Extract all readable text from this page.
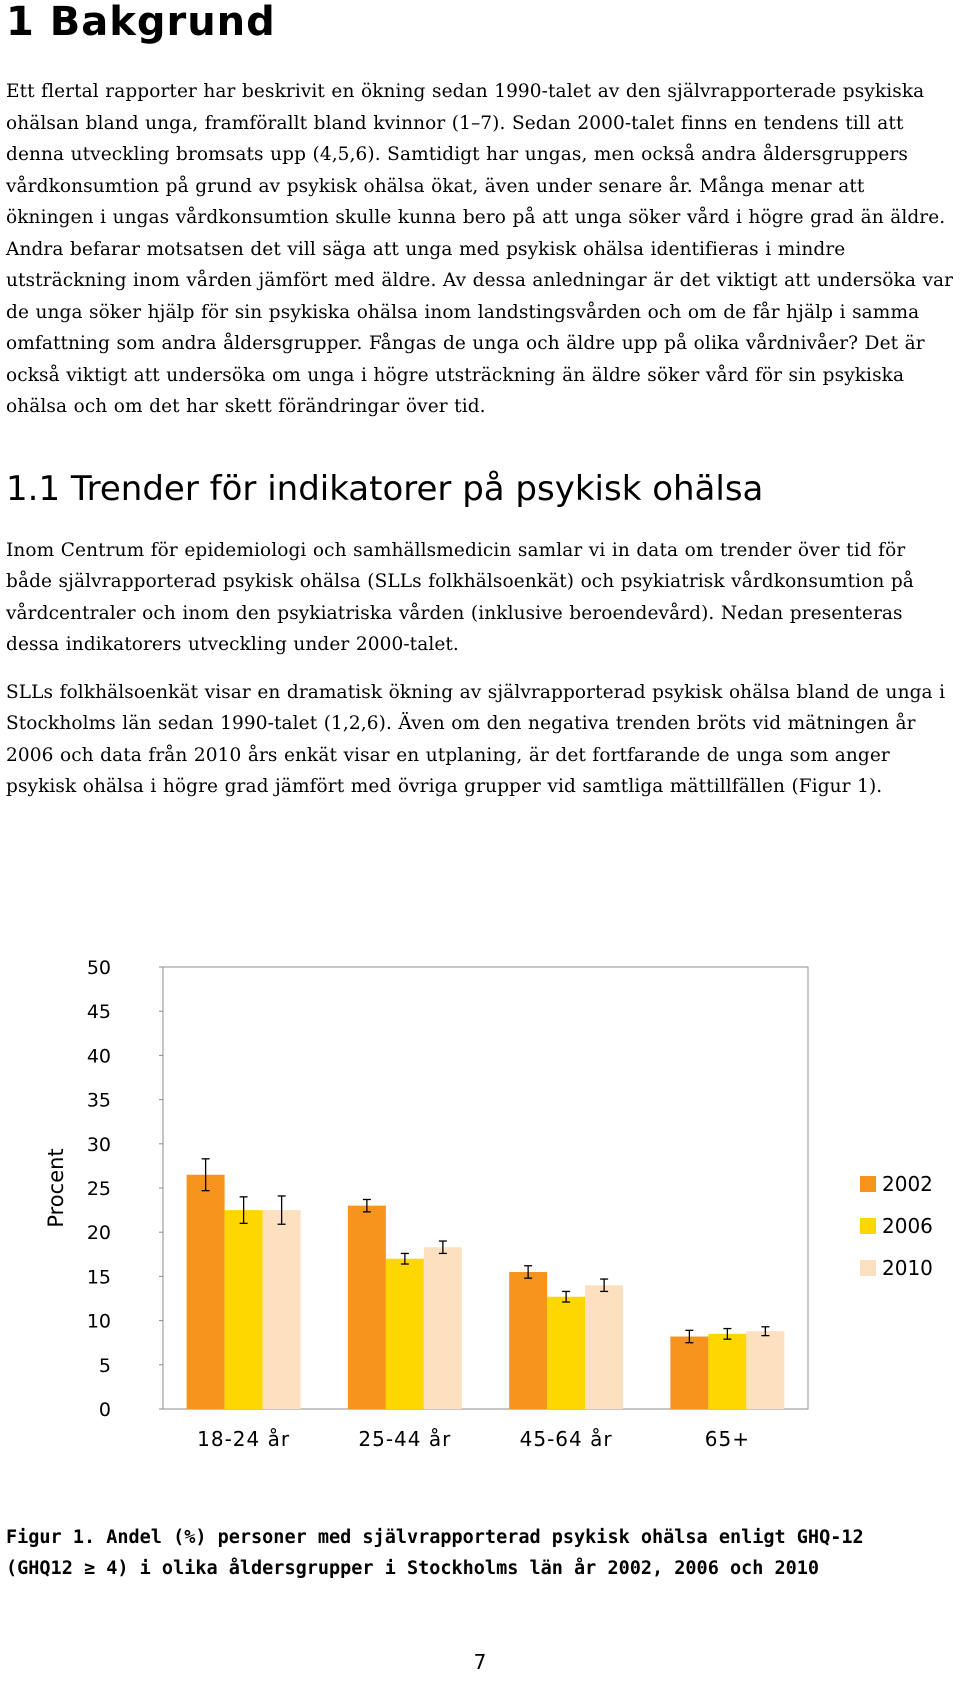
1 Bakgrund

Ett flertal rapporter har beskrivit en ökning sedan 1990-talet av den självrapporterade psykiska ohälsan bland unga, framförallt bland kvinnor (1–7). Sedan 2000-talet finns en tendens till att denna utveckling bromsats upp (4,5,6). Samtidigt har ungas, men också andra åldersgruppers vårdkonsumtion på grund av psykisk ohälsa ökat, även under senare år. Många menar att ökningen i ungas vårdkonsumtion skulle kunna bero på att unga söker vård i högre grad än äldre. Andra befarar motsatsen det vill säga att unga med psykisk ohälsa identifieras i mindre utsträckning inom vården jämfört med äldre. Av dessa anledningar är det viktigt att undersöka var de unga söker hjälp för sin psykiska ohälsa inom landstingsvården och om de får hjälp i samma omfattning som andra åldersgrupper. Fångas de unga och äldre upp på olika vårdnivåer? Det är också viktigt att undersöka om unga i högre utsträckning än äldre söker vård för sin psykiska ohälsa och om det har skett förändringar över tid.

1.1 Trender för indikatorer på psykisk ohälsa

Inom Centrum för epidemiologi och samhällsmedicin samlar vi in data om trender över tid för både självrapporterad psykisk ohälsa (SLLs folkhälsoenkät) och psykiatrisk vårdkonsumtion på vårdcentraler och inom den psykiatriska vården (inklusive beroendevård). Nedan presenteras dessa indikatorers utveckling under 2000-talet.

SLLs folkhälsoenkät visar en dramatisk ökning av självrapporterad psykisk ohälsa bland de unga i Stockholms län sedan 1990-talet (1,2,6). Även om den negativa trenden bröts vid mätningen år 2006 och data från 2010 års enkät visar en utplaning, är det fortfarande de unga som anger psykisk ohälsa i högre grad jämfört med övriga grupper vid samtliga mättillfällen (Figur 1).

0
5
10
15
20
25
30
35
40
45
50
Procent
18-24 år	25-44 år	45-64 år	65+
2002
2006
2010
Figur 1. Andel (%) personer med självrapporterad psykisk ohälsa enligt GHQ-12
(GHQ12 ≥ 4) i olika åldersgrupper i Stockholms län år 2002, 2006 och 2010
7
